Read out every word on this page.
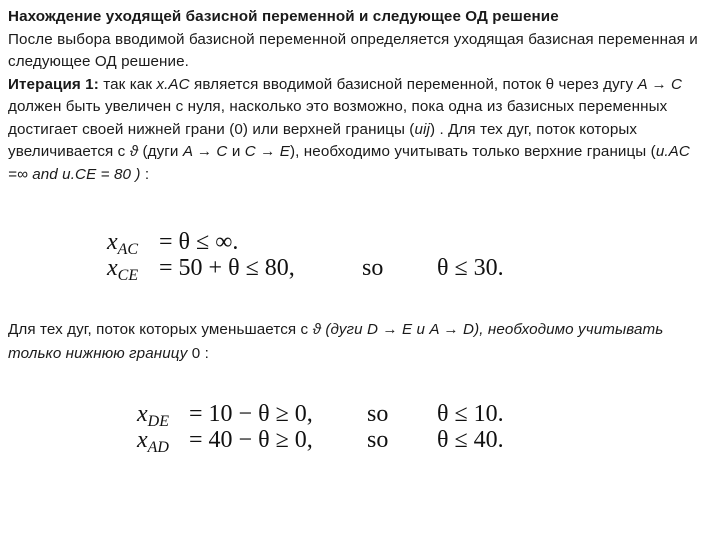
Нахождение уходящей базисной переменной и следующее ОД решение

После выбора вводимой базисной переменной определяется уходящая базисная переменная и следующее ОД решение.

Итерация 1: так как x.AC является вводимой базисной переменной, поток θ через дугу A → C должен быть увеличен с нуля, насколько это возможно, пока одна из базисных переменных достигает своей нижней грани (0) или верхней границы (uij) . Для тех дуг, поток которых увеличивается с ϑ (дуги A → C и C → E), необходимо учитывать только верхние границы (u.AC =∞ and u.CE = 80 ) :

$x_{AC} = \theta$ ≤ ∞.
$x_{CE} = 50 + \theta \le 80$,	so θ ≤ 30.
Для тех дуг, поток которых уменьшается с ϑ (дуги D → E и A → D), необходимо учитывать только нижнюю границу 0 :
$x_{DE} = 10 - \theta \ge 0$, so θ ≤ 10.
$x_{AD} = 40 - \theta \ge 0$, so θ ≤ 40.
